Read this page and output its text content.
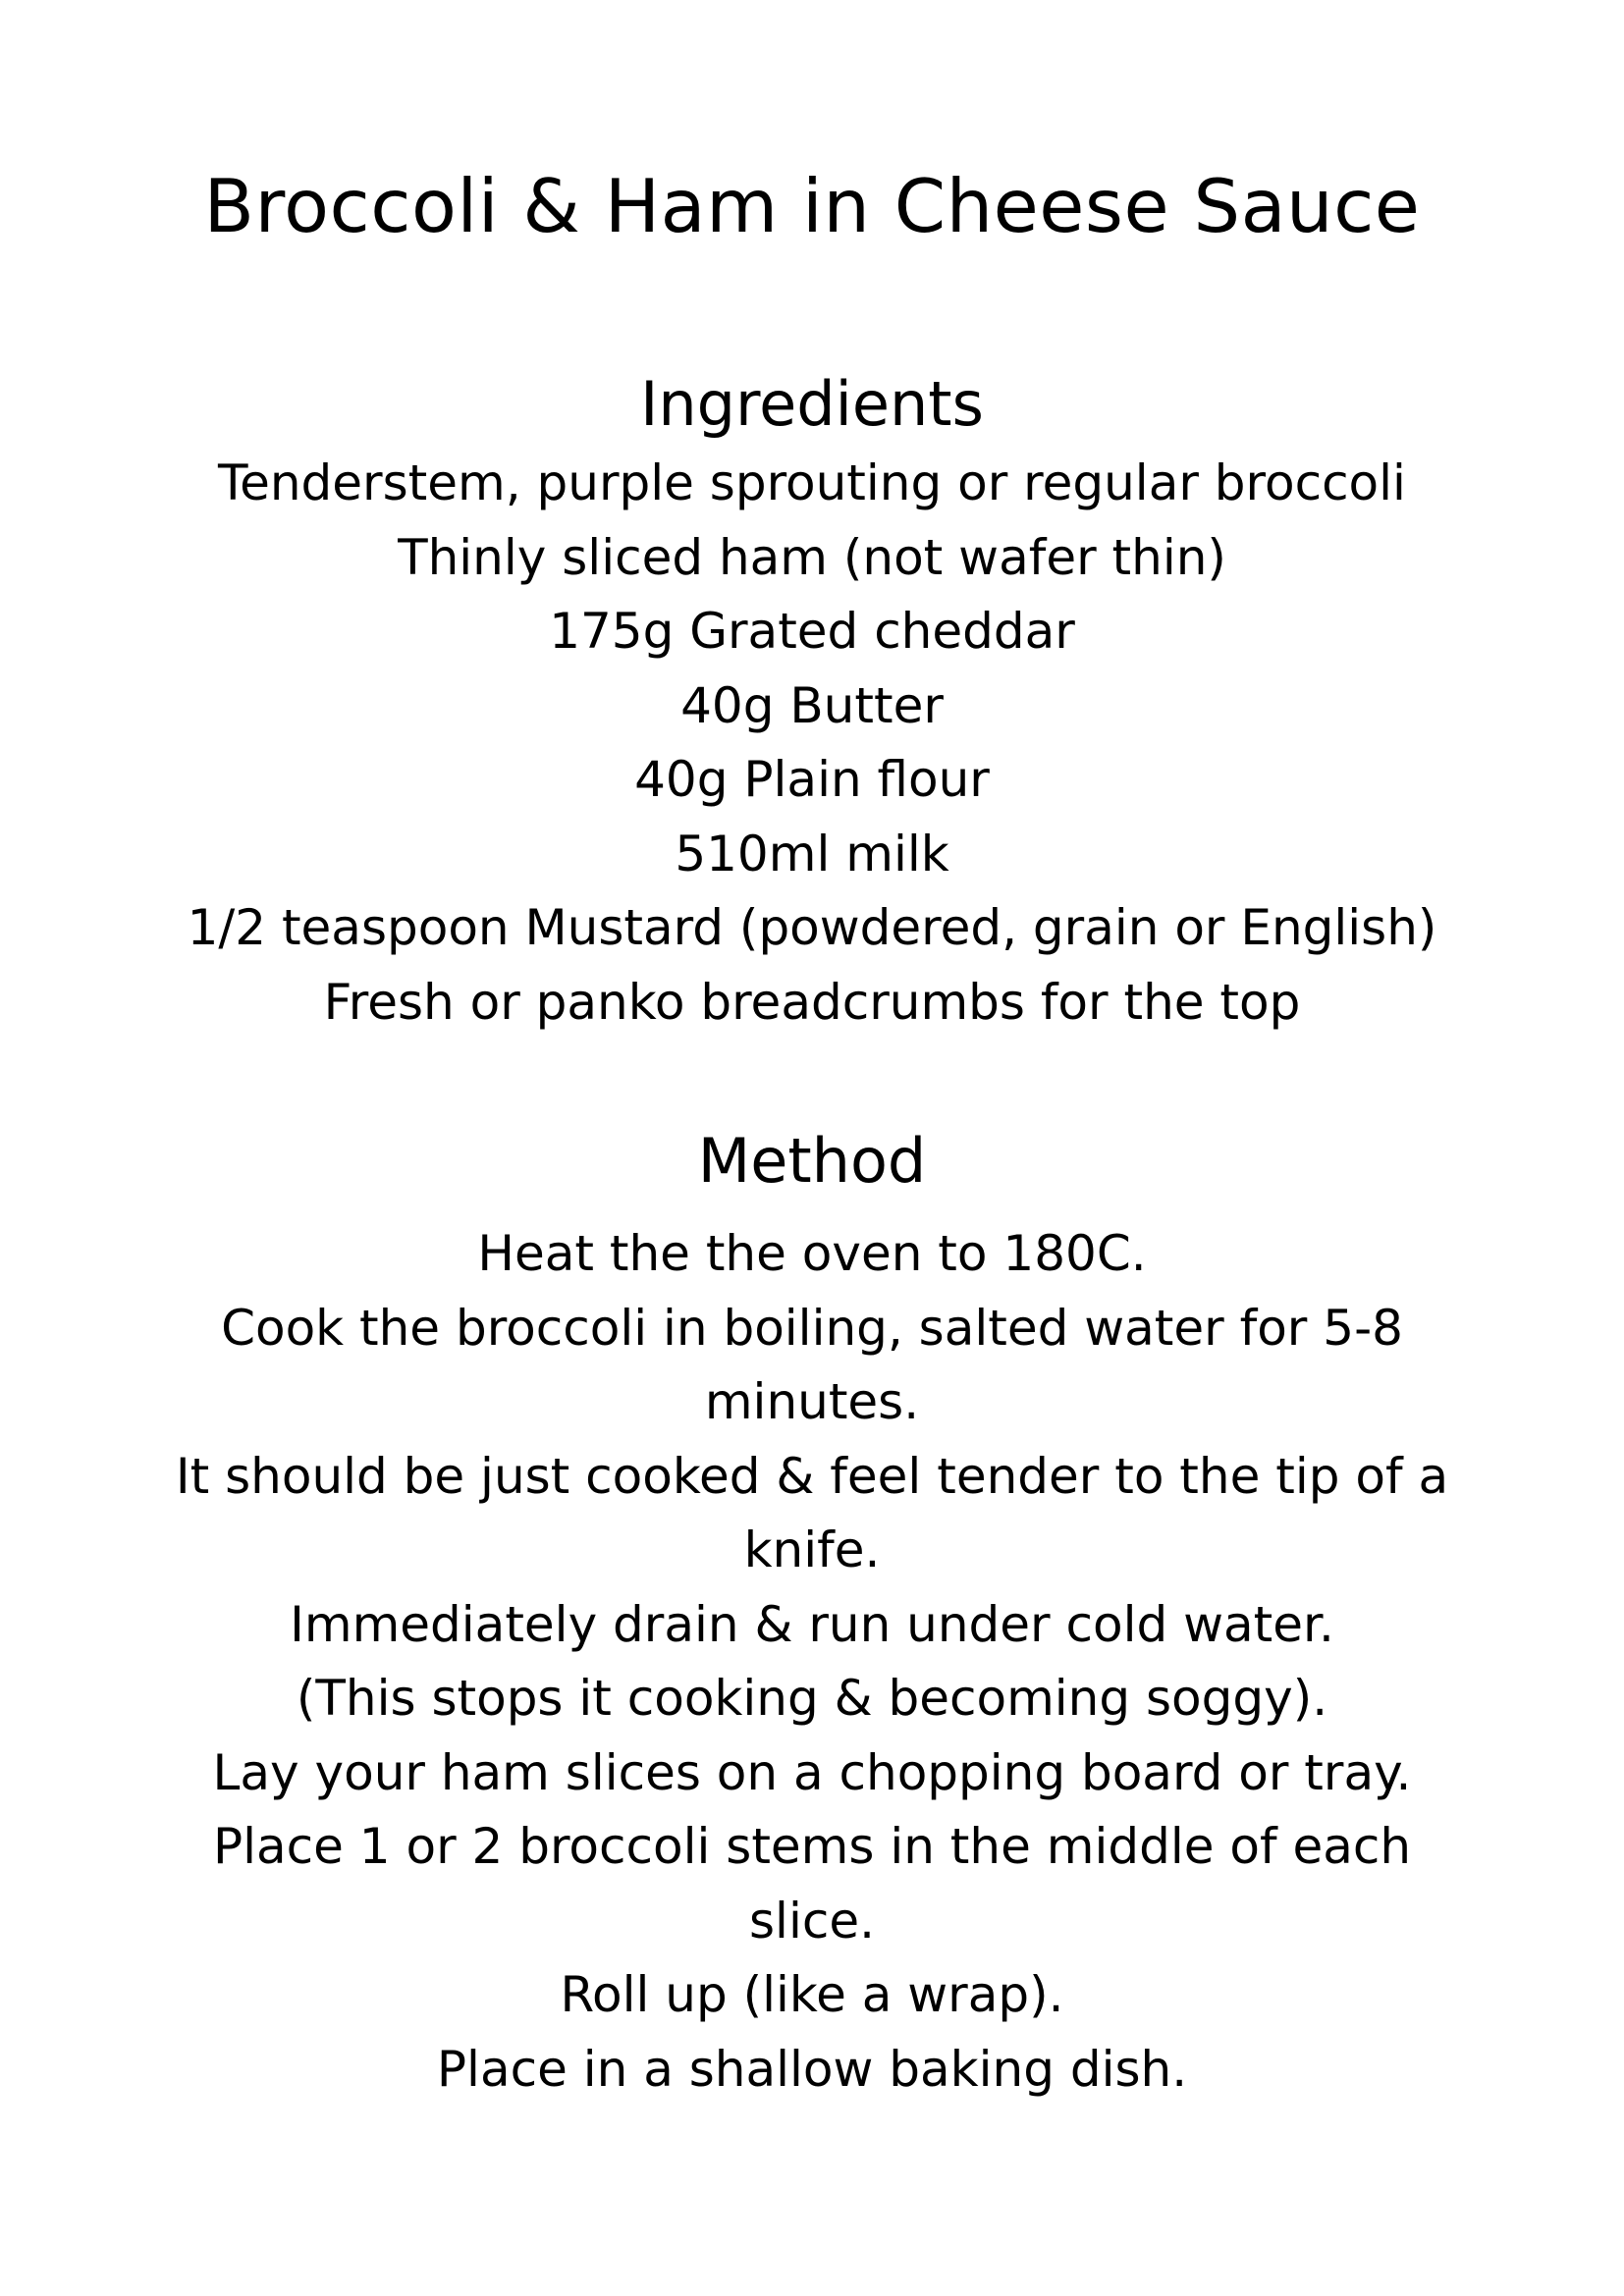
Broccoli & Ham in Cheese Sauce
Ingredients
Tenderstem, purple sprouting or regular broccoli
Thinly sliced ham (not wafer thin)
175g Grated cheddar
40g Butter
40g Plain flour
510ml milk
1/2 teaspoon Mustard (powdered, grain or English)
Fresh or panko breadcrumbs for the top
Method
Heat the the oven to 180C.
Cook the broccoli in boiling, salted water for 5-8
minutes.
It should be just cooked & feel tender to the tip of a
knife.
Immediately drain & run under cold water.
(This stops it cooking & becoming soggy).
Lay your ham slices on a chopping board or tray.
Place 1 or 2 broccoli stems in the middle of each
slice.
Roll up (like a wrap).
Place in a shallow baking dish.
